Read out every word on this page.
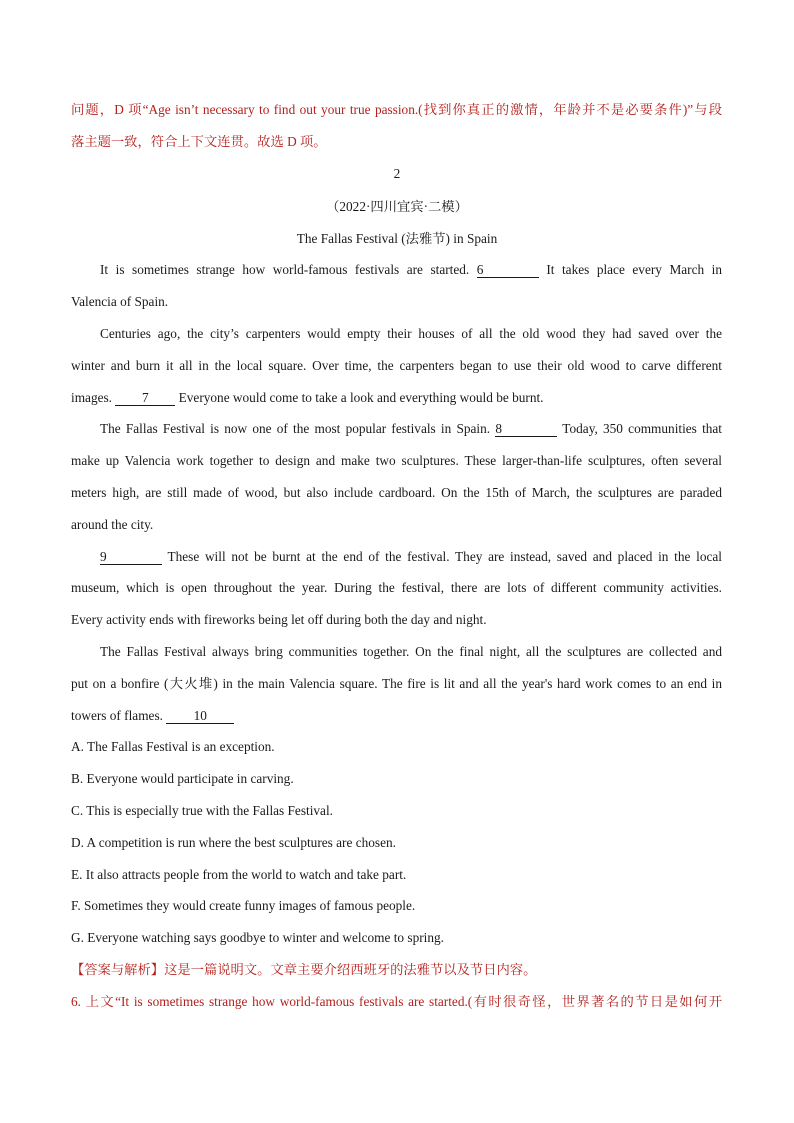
问题，D 项“Age isn’t necessary to find out your true passion.(找到你真正的激情，年龄并不是必要条件)”与段
落主题一致，符合上下文连贯。故选 D 项。
2
（2022·四川宜宾·二模）
The Fallas Festival (法雅节) in Spain
It is sometimes strange how world-famous festivals are started. 6	It takes place every March in
Valencia of Spain.
Centuries ago, the city’s carpenters would empty their houses of all the old wood they had saved over the
winter and burn it all in the local square. Over time, the carpenters began to use their old wood to carve different
images. 7 Everyone would come to take a look and everything would be burnt.
The Fallas Festival is now one of the most popular festivals in Spain. 8	Today, 350 communities that
make up Valencia work together to design and make two sculptures. These larger-than-life sculptures, often several
meters high, are still made of wood, but also include cardboard. On the 15th of March, the sculptures are paraded
around the city.
9	These will not be burnt at the end of the festival. They are instead, saved and placed in the local
museum, which is open throughout the year. During the festival, there are lots of different community activities.
Every activity ends with fireworks being let off during both the day and night.
The Fallas Festival always bring communities together. On the final night, all the sculptures are collected and
put on a bonfire (大火堆) in the main Valencia square. The fire is lit and all the year's hard work comes to an end in
towers of flames. 10
A. The Fallas Festival is an exception.
B. Everyone would participate in carving.
C. This is especially true with the Fallas Festival.
D. A competition is run where the best sculptures are chosen.
E. It also attracts people from the world to watch and take part.
F. Sometimes they would create funny images of famous people.
G. Everyone watching says goodbye to winter and welcome to spring.
【答案与解析】这是一篇说明文。文章主要介绍西班牙的法雅节以及节日内容。
6. 上文“It is sometimes strange how world-famous festivals are started.(有时很奇怪，世界著名的节日是如何开
